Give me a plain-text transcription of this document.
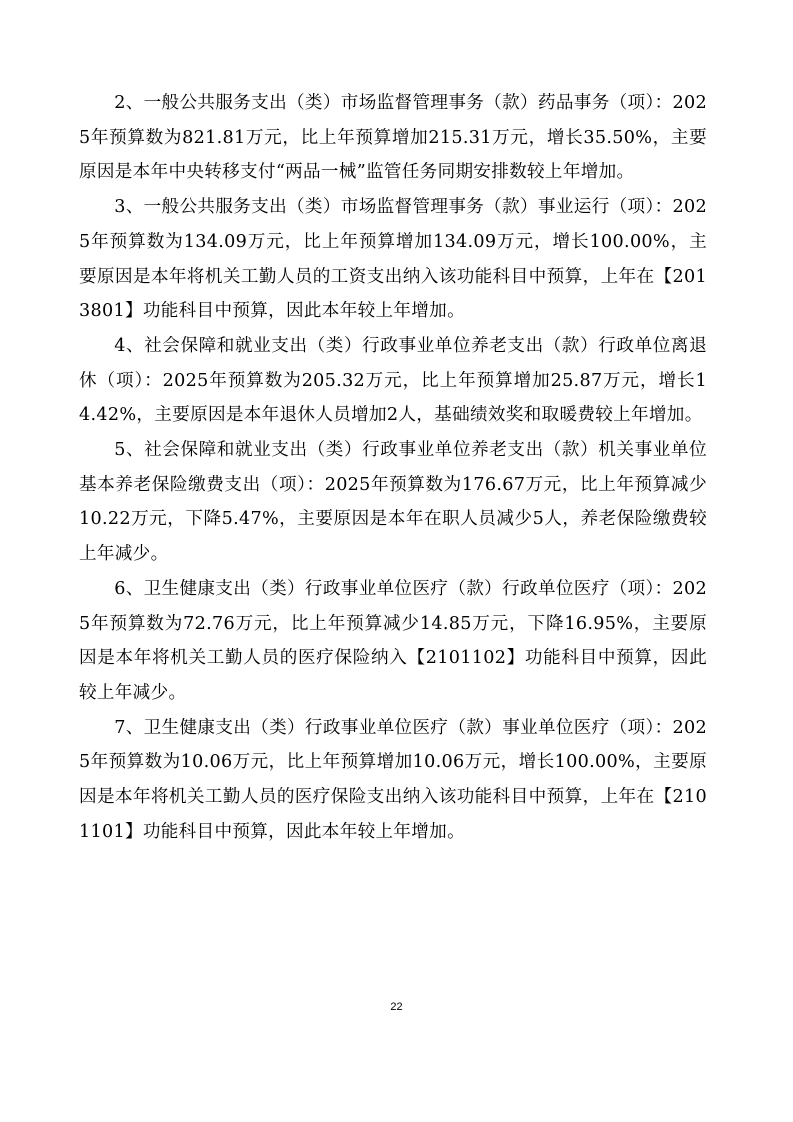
2、一般公共服务支出（类）市场监督管理事务（款）药品事务（项）：2025年预算数为821.81万元，比上年预算增加215.31万元，增长35.50%，主要原因是本年中央转移支付“两品一械”监管任务同期安排数较上年增加。

3、一般公共服务支出（类）市场监督管理事务（款）事业运行（项）：2025年预算数为134.09万元，比上年预算增加134.09万元，增长100.00%，主要原因是本年将机关工勤人员的工资支出纳入该功能科目中预算，上年在【2013801】功能科目中预算，因此本年较上年增加。

4、社会保障和就业支出（类）行政事业单位养老支出（款）行政单位离退休（项）：2025年预算数为205.32万元，比上年预算增加25.87万元，增长14.42%，主要原因是本年退休人员增加2人，基础绩效奖和取暖费较上年增加。

5、社会保障和就业支出（类）行政事业单位养老支出（款）机关事业单位基本养老保险缴费支出（项）：2025年预算数为176.67万元，比上年预算减少10.22万元，下降5.47%，主要原因是本年在职人员减少5人，养老保险缴费较上年减少。

6、卫生健康支出（类）行政事业单位医疗（款）行政单位医疗（项）：2025年预算数为72.76万元，比上年预算减少14.85万元，下降16.95%，主要原因是本年将机关工勤人员的医疗保险纳入【2101102】功能科目中预算，因此较上年减少。

7、卫生健康支出（类）行政事业单位医疗（款）事业单位医疗（项）：2025年预算数为10.06万元，比上年预算增加10.06万元，增长100.00%，主要原因是本年将机关工勤人员的医疗保险支出纳入该功能科目中预算，上年在【2101101】功能科目中预算，因此本年较上年增加。

22
